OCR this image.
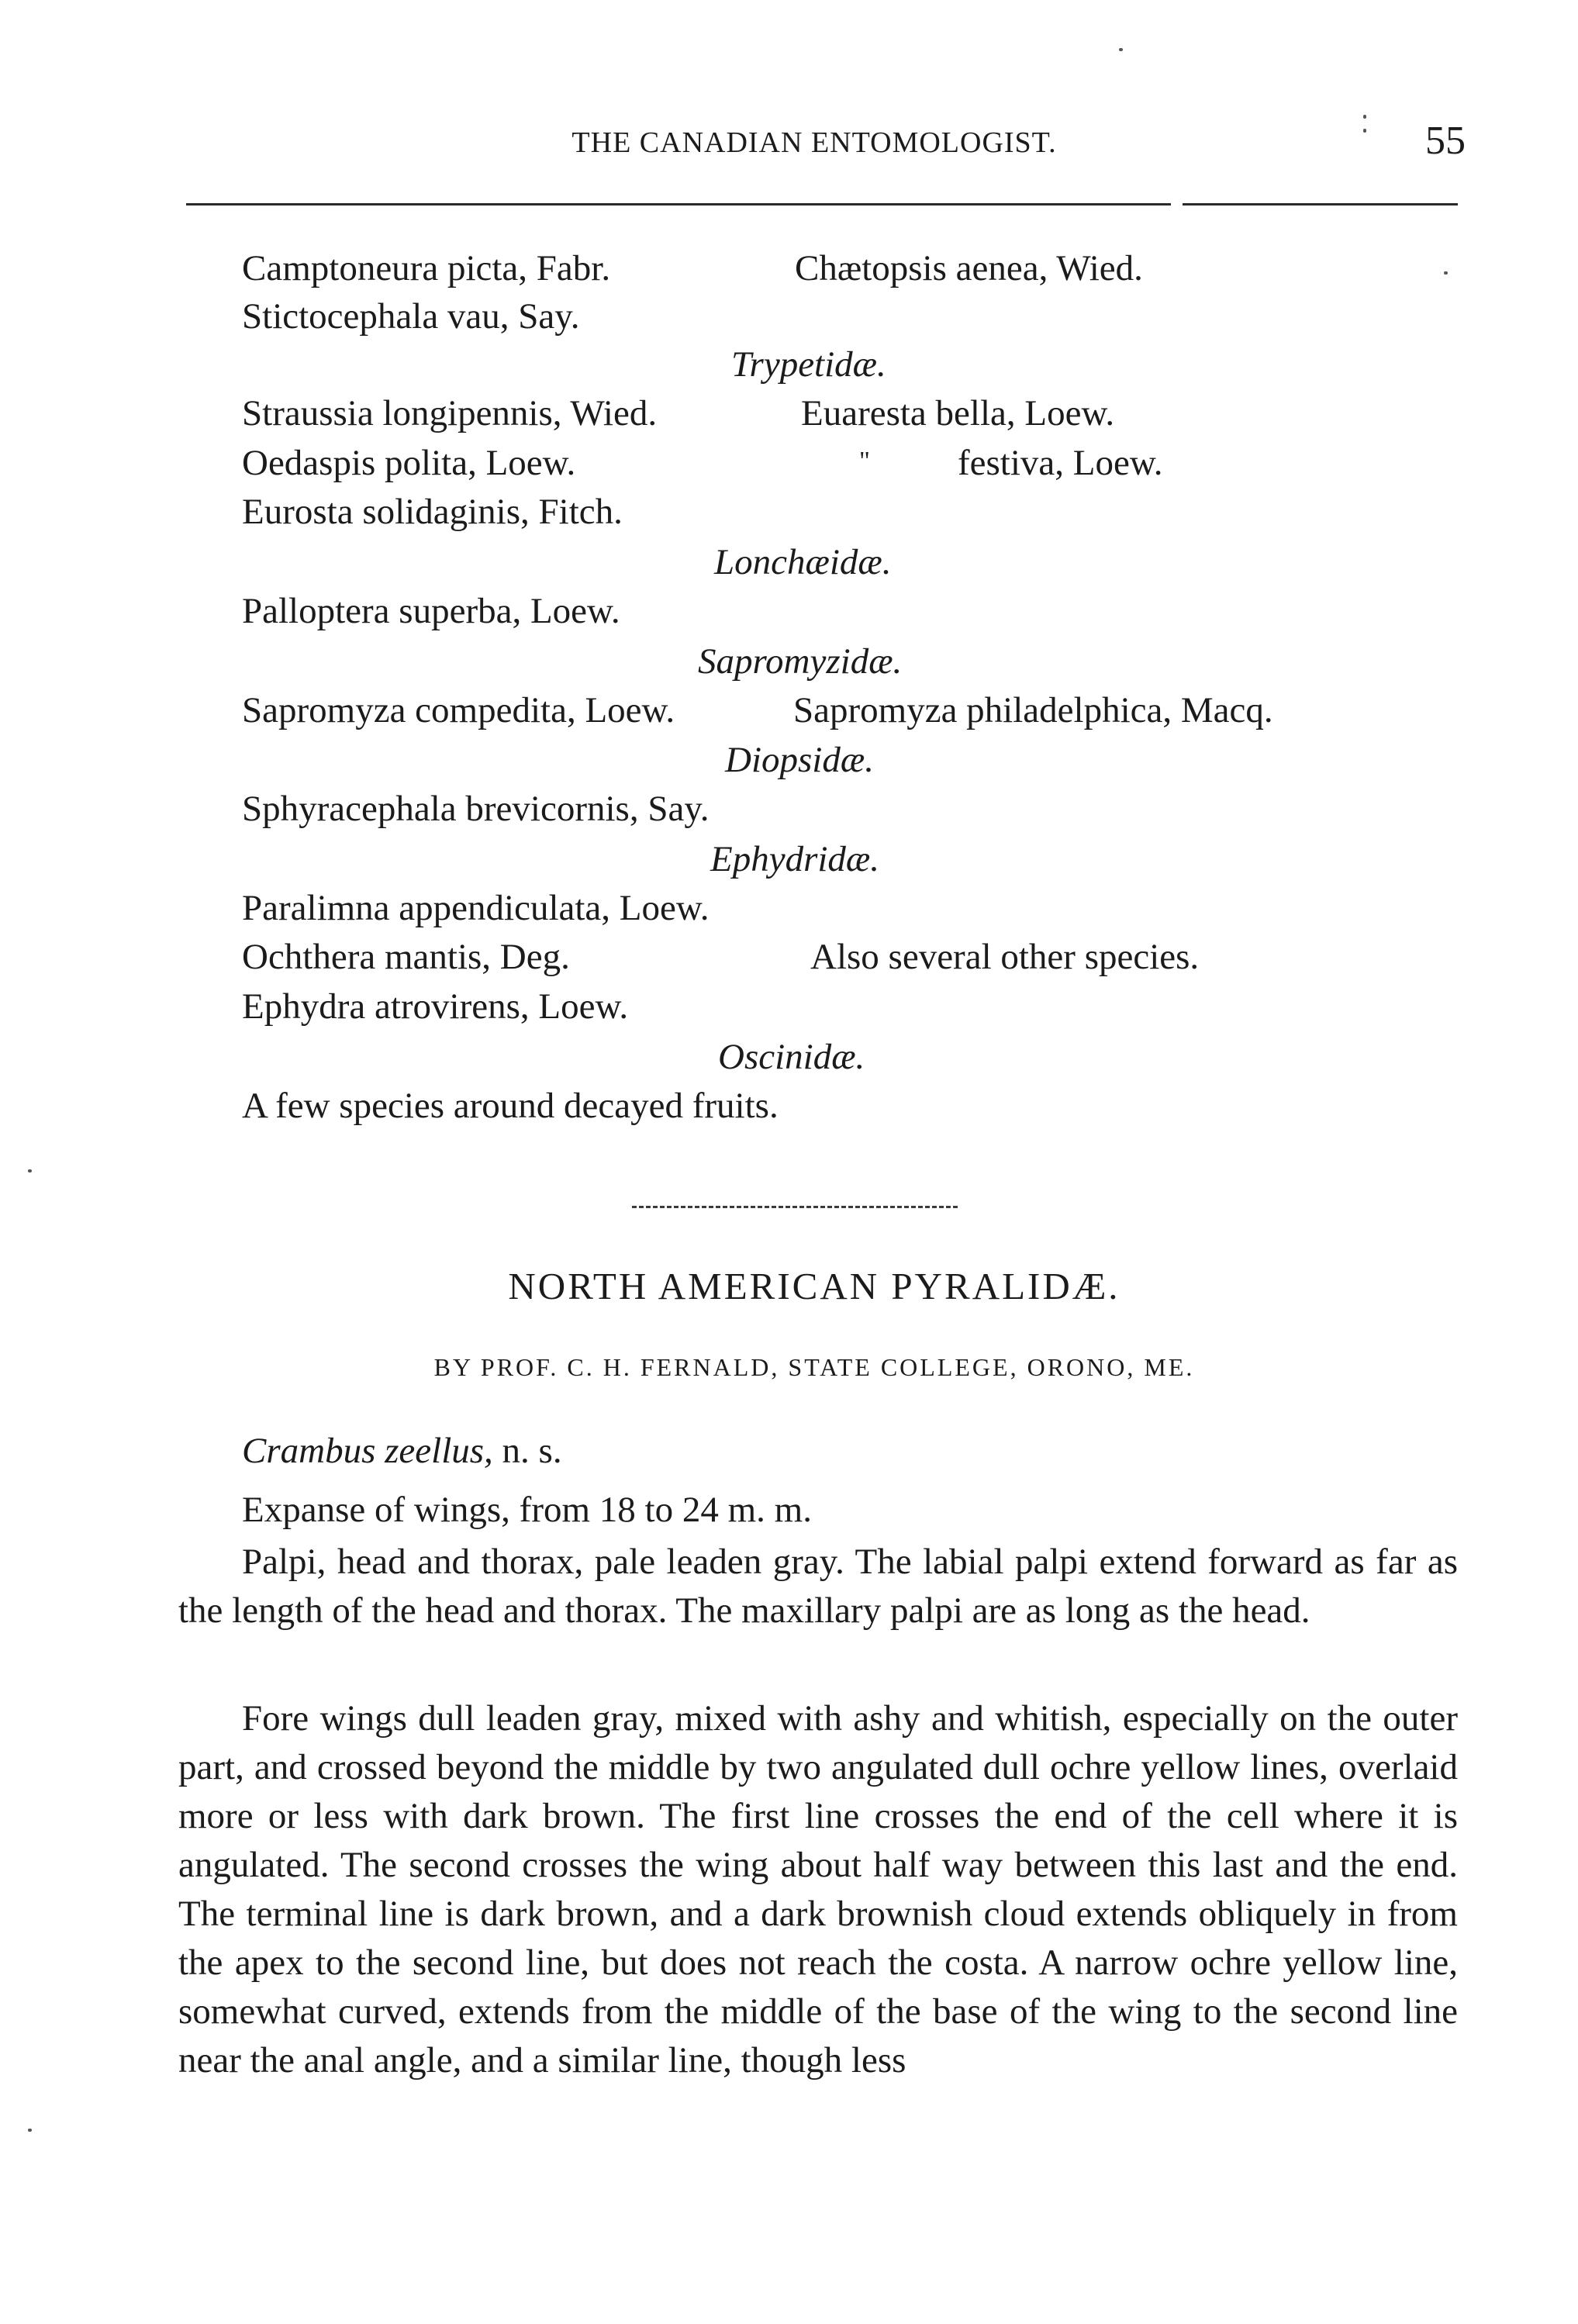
THE CANADIAN ENTOMOLOGIST.	55
Camptoneura picta, Fabr.	Chætopsis aenea, Wied.
Stictocephala vau, Say.
Trypetidæ.
Straussia longipennis, Wied.	Euaresta bella, Loew.
Oedaspis polita, Loew.	" festiva, Loew.
Eurosta solidaginis, Fitch.
Lonchæidæ.
Palloptera superba, Loew.
Sapromyzidæ.
Sapromyza compedita, Loew.	Sapromyza philadelphica, Macq.
Diopsidæ.
Sphyracephala brevicornis, Say.
Ephydridæ.
Paralimna appendiculata, Loew.
Ochthera mantis, Deg.	Also several other species.
Ephydra atrovirens, Loew.
Oscinidæ.
A few species around decayed fruits.
NORTH AMERICAN PYRALIDÆ.
BY PROF. C. H. FERNALD, STATE COLLEGE, ORONO, ME.
Crambus zeellus, n. s.
Expanse of wings, from 18 to 24 m. m.
Palpi, head and thorax, pale leaden gray. The labial palpi extend forward as far as the length of the head and thorax. The maxillary palpi are as long as the head.
Fore wings dull leaden gray, mixed with ashy and whitish, especially on the outer part, and crossed beyond the middle by two angulated dull ochre yellow lines, overlaid more or less with dark brown. The first line crosses the end of the cell where it is angulated. The second crosses the wing about half way between this last and the end. The terminal line is dark brown, and a dark brownish cloud extends obliquely in from the apex to the second line, but does not reach the costa. A narrow ochre yellow line, somewhat curved, extends from the middle of the base of the wing to the second line near the anal angle, and a similar line, though less
